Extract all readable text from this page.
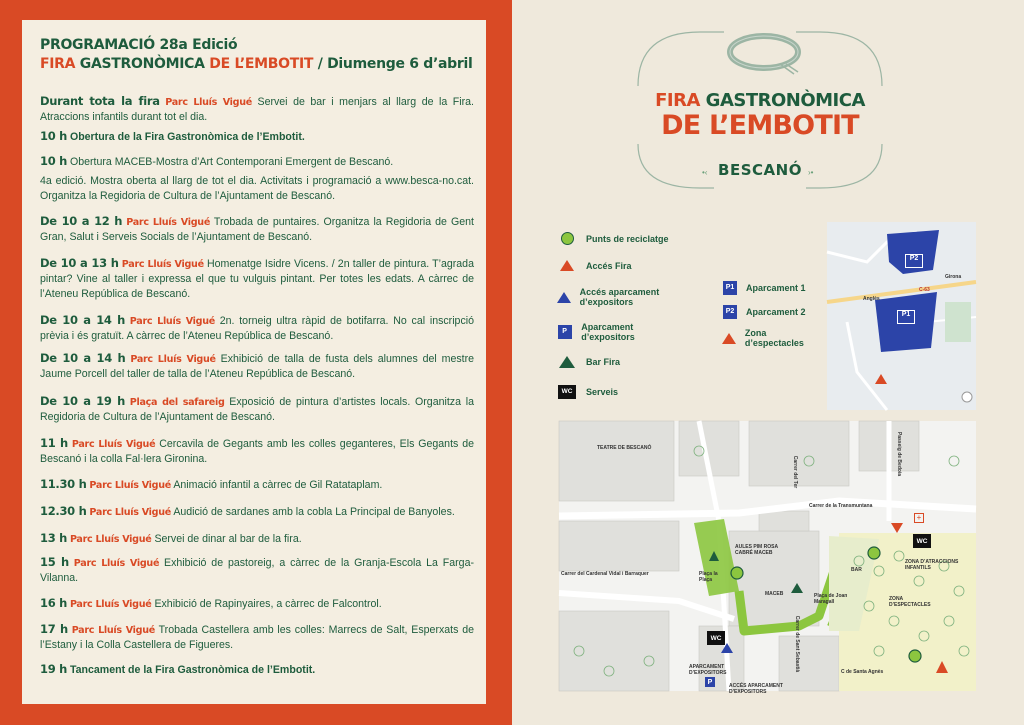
PROGRAMACIÓ 28a Edició
FIRA GASTRONÒMICA DE L’EMBOTIT / Diumenge 6 d’abril
Durant tota la fira Parc Lluís Vigué Servei de bar i menjars al llarg de la Fira. Atraccions infantils durant tot el dia.
10 h Obertura de la Fira Gastronòmica de l’Embotit.
10 h Obertura MACEB-Mostra d’Art Contemporani Emergent de Bescanó.
4a edició. Mostra oberta al llarg de tot el dia. Activitats i programació a www.besca-no.cat. Organitza la Regidoria de Cultura de l’Ajuntament de Bescanó.
De 10 a 12 h Parc Lluís Vigué Trobada de puntaires. Organitza la Regidoria de Gent Gran, Salut i Serveis Socials de l’Ajuntament de Bescanó.
De 10 a 13 h Parc Lluís Vigué Homenatge Isidre Vicens. / 2n taller de pintura. T’agrada pintar? Vine al taller i expressa el que tu vulguis pintant. Per totes les edats. A càrrec de l’Ateneu República de Bescanó.
De 10 a 14 h Parc Lluís Vigué 2n. torneig ultra ràpid de botifarra. No cal inscripció prèvia i és gratuït. A càrrec de l’Ateneu República de Bescanó.
De 10 a 14 h Parc Lluís Vigué Exhibició de talla de fusta dels alumnes del mestre Jaume Porcell del taller de talla de l’Ateneu República de Bescanó.
De 10 a 19 h Plaça del safareig Exposició de pintura d’artistes locals. Organitza la Regidoria de Cultura de l’Ajuntament de Bescanó.
11 h Parc Lluís Vigué Cercavila de Gegants amb les colles geganteres, Els Gegants de Bescanó i la colla Fal·lera Gironina.
11.30 h Parc Lluís Vigué Animació infantil a càrrec de Gil Ratataplam.
12.30 h Parc Lluís Vigué Audició de sardanes amb la cobla La Principal de Banyoles.
13 h Parc Lluís Vigué Servei de dinar al bar de la fira.
15 h Parc Lluís Vigué Exhibició de pastoreig, a càrrec de la Granja-Escola La Farga-Vilanna.
16 h Parc Lluís Vigué Exhibició de Rapinyaires, a càrrec de Falcontrol.
17 h Parc Lluís Vigué Trobada Castellera amb les colles: Marrecs de Salt, Esperxats de l’Estany i la Colla Castellera de Figueres.
19 h Tancament de la Fira Gastronòmica de l’Embotit.
FIRA GASTRONÒMICA
DE L’EMBOTIT
•‹ BESCANÓ ›•
Punts de reciclatge
Accés Fira
Accés aparcament d’expositors
P	Aparcament d’expositors
Bar Fira
WC	Serveis
P1	Aparcament 1
P2	Aparcament 2
Zona d’espectacles
P2
P1
Girona
Anglès
C-63
TEATRE DE BESCANÓ
AULES PIM ROSA CABRÉ MACEB
Plaça la Plaça
MACEB	Plaça de Joan Maragall
BAR
ZONA D’ATRACCIONS INFANTILS
ZONA D’ESPECTACLES
APARCAMENT D’EXPOSITORS
ACCÉS APARCAMENT D’EXPOSITORS
Carrer de la Transmuntana
Carrer del Ter
Carrer del Cardenal Vidal i Barraquer
Passeig de Bedoia
C de Santa Agnès
Carrer de Sant Sebastià
WC
WC
P
+
